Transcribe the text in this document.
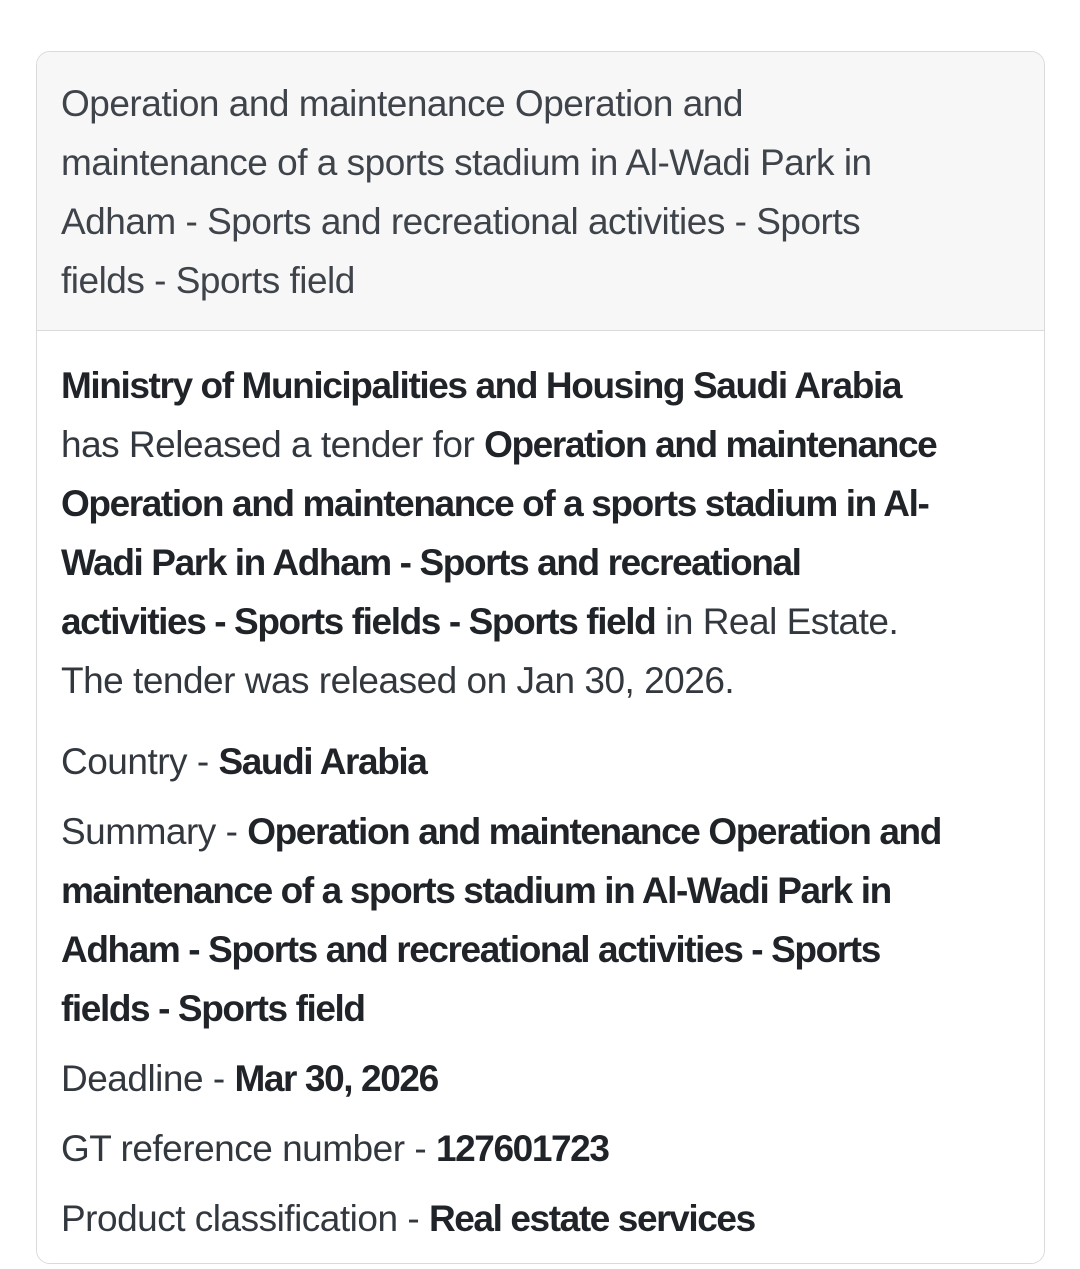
Operation and maintenance Operation and maintenance of a sports stadium in Al-Wadi Park in Adham - Sports and recreational activities - Sports fields - Sports field

Ministry of Municipalities and Housing Saudi Arabia has Released a tender for Operation and maintenance Operation and maintenance of a sports stadium in Al-Wadi Park in Adham - Sports and recreational activities - Sports fields - Sports field in Real Estate. The tender was released on Jan 30, 2026.

Country - Saudi Arabia

Summary - Operation and maintenance Operation and maintenance of a sports stadium in Al-Wadi Park in Adham - Sports and recreational activities - Sports fields - Sports field

Deadline - Mar 30, 2026

GT reference number - 127601723

Product classification - Real estate services
